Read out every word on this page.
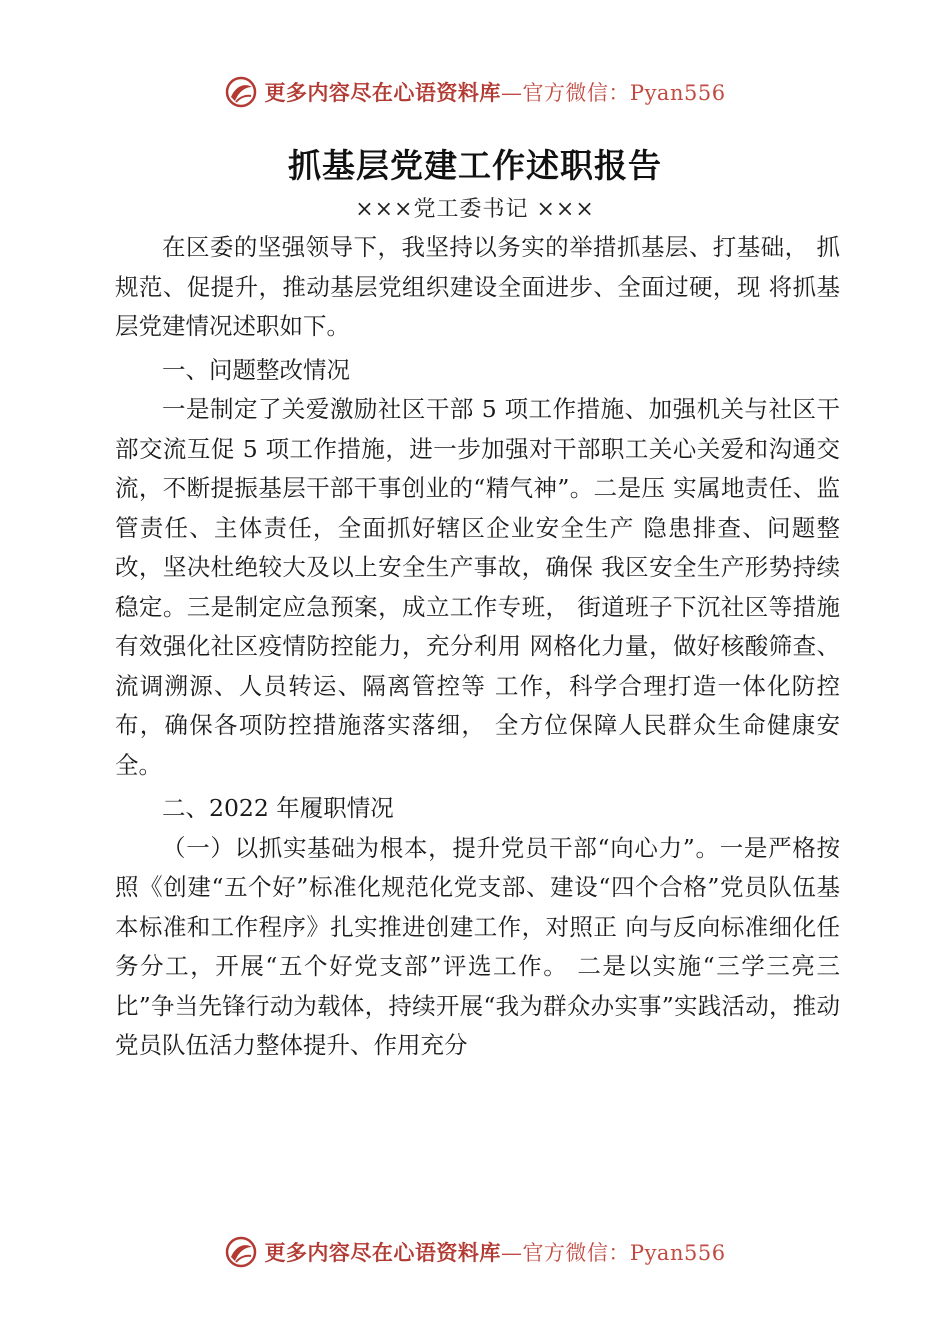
更多内容尽在心语资料库—官方微信：Pyan556
抓基层党建工作述职报告
×××党工委书记 ×××

在区委的坚强领导下，我坚持以务实的举措抓基层、打基础， 抓规范、促提升，推动基层党组织建设全面进步、全面过硬，现 将抓基层党建情况述职如下。

一、问题整改情况

一是制定了关爱激励社区干部 5 项工作措施、加强机关与社区干部交流互促 5 项工作措施，进一步加强对干部职工关心关爱和沟通交流，不断提振基层干部干事创业的“精气神”。二是压 实属地责任、监管责任、主体责任，全面抓好辖区企业安全生产 隐患排查、问题整改，坚决杜绝较大及以上安全生产事故，确保 我区安全生产形势持续稳定。三是制定应急预案，成立工作专班， 街道班子下沉社区等措施有效强化社区疫情防控能力，充分利用 网格化力量，做好核酸筛查、流调溯源、人员转运、隔离管控等 工作，科学合理打造一体化防控布，确保各项防控措施落实落细， 全方位保障人民群众生命健康安全。

二、2022 年履职情况

（一）以抓实基础为根本，提升党员干部“向心力”。一是严格按照《创建“五个好”标准化规范化党支部、建设“四个合格”党员队伍基本标准和工作程序》扎实推进创建工作，对照正 向与反向标准细化任务分工，开展“五个好党支部”评选工作。 二是以实施“三学三亮三比”争当先锋行动为载体，持续开展“我为群众办实事”实践活动，推动党员队伍活力整体提升、作用充分

更多内容尽在心语资料库—官方微信：Pyan556
